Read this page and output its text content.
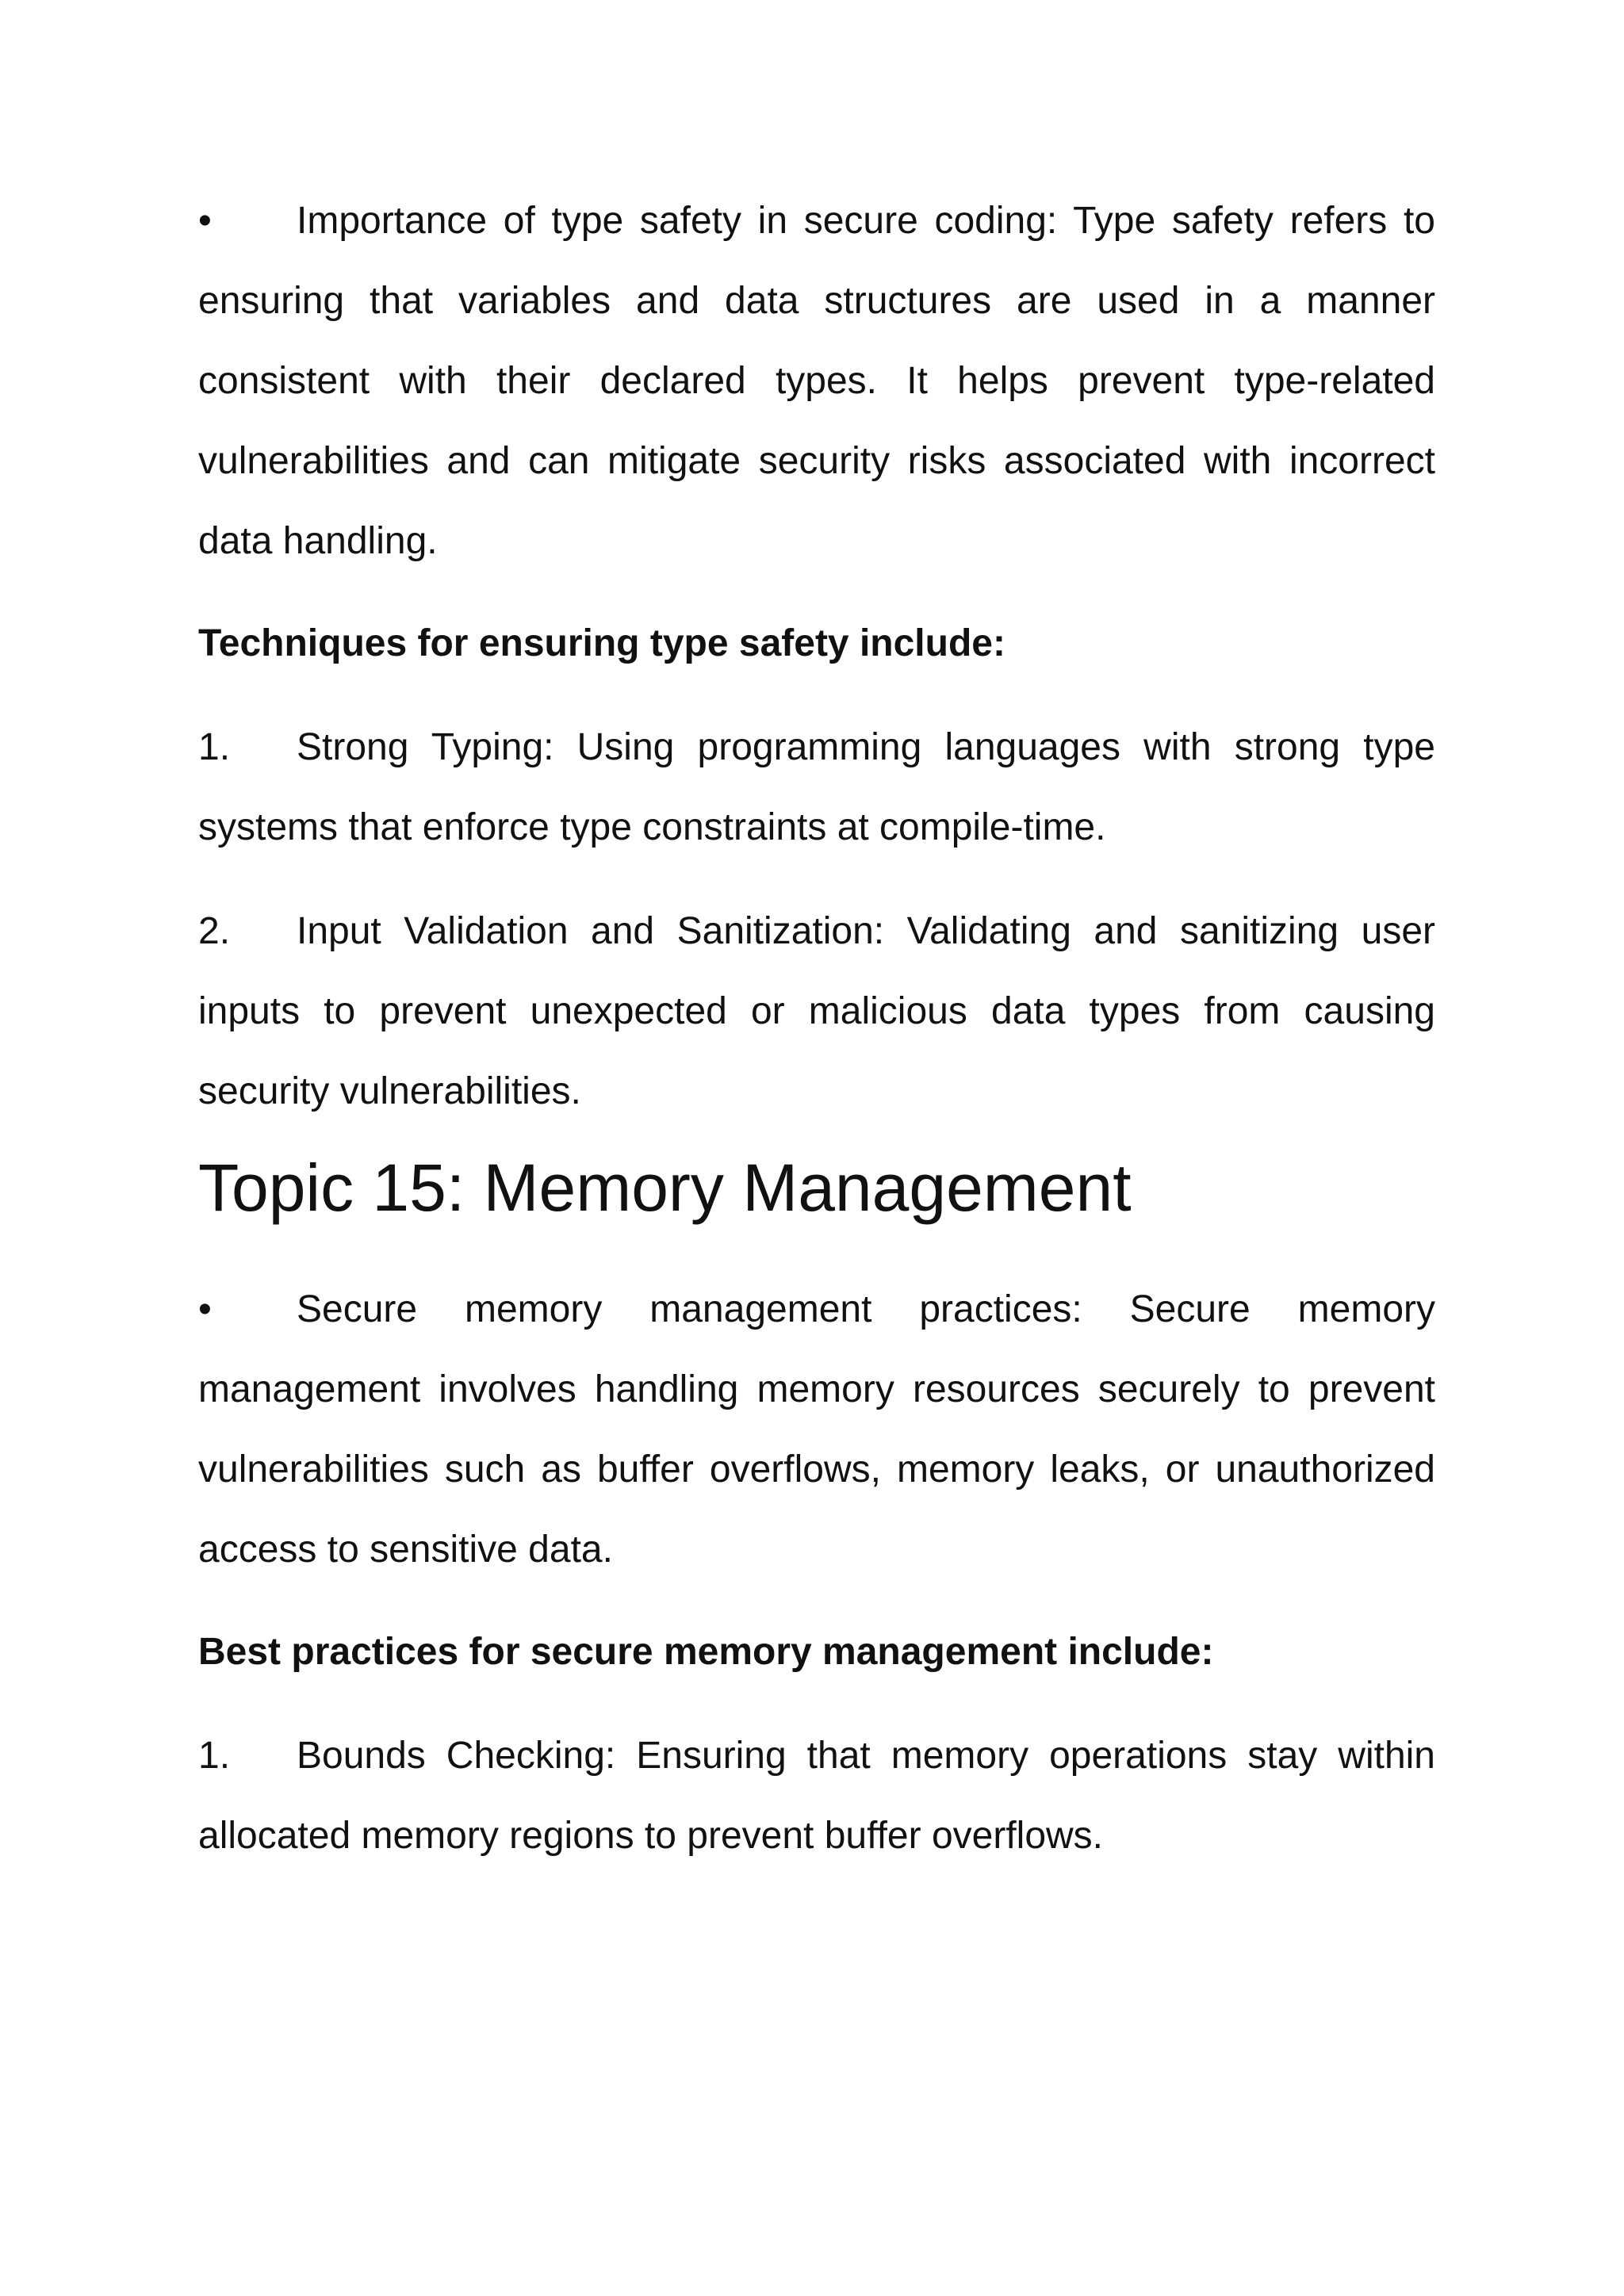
• Importance of type safety in secure coding: Type safety refers to ensuring that variables and data structures are used in a manner consistent with their declared types. It helps prevent type-related vulnerabilities and can mitigate security risks associated with incorrect data handling.

Techniques for ensuring type safety include:

1. Strong Typing: Using programming languages with strong type systems that enforce type constraints at compile-time.

2. Input Validation and Sanitization: Validating and sanitizing user inputs to prevent unexpected or malicious data types from causing security vulnerabilities.

Topic 15: Memory Management

• Secure memory management practices: Secure memory management involves handling memory resources securely to prevent vulnerabilities such as buffer overflows, memory leaks, or unauthorized access to sensitive data.

Best practices for secure memory management include:

1. Bounds Checking: Ensuring that memory operations stay within allocated memory regions to prevent buffer overflows.
